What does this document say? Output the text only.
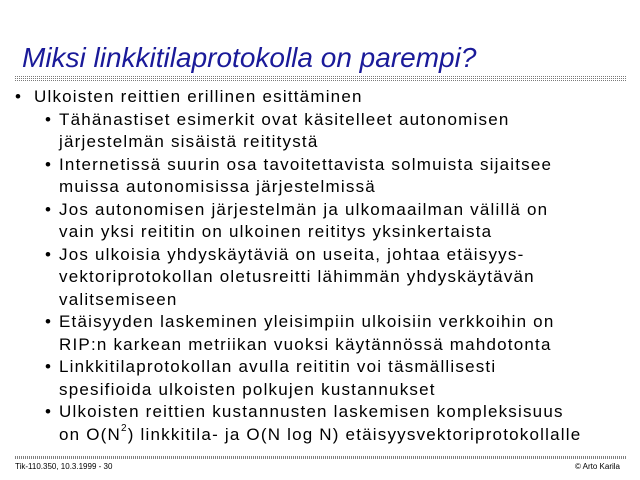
Miksi linkkitilaprotokolla on parempi?
• Ulkoisten reittien erillinen esittäminen
• Tähänastiset esimerkit ovat käsitelleet autonomisen
järjestelmän sisäistä reititystä
• Internetissä suurin osa tavoitettavista solmuista sijaitsee
muissa autonomisissa järjestelmissä
• Jos autonomisen järjestelmän ja ulkomaailman välillä on
vain yksi reititin on ulkoinen reititys yksinkertaista
• Jos ulkoisia yhdyskäytäviä on useita, johtaa etäisyys-
vektoriprotokollan oletusreitti lähimmän yhdyskäytävän
valitsemiseen
• Etäisyyden laskeminen yleisimpiin ulkoisiin verkkoihin on
RIP:n karkean metriikan vuoksi käytännössä mahdotonta
• Linkkitilaprotokollan avulla reititin voi täsmällisesti
spesifioida ulkoisten polkujen kustannukset
• Ulkoisten reittien kustannusten laskemisen kompleksisuus
on $O(N^2)$ linkkitila- ja O(N log N) etäisyysvektoriprotokollalle
Tik-110.350, 10.3.1999 - 30	© Arto Karila
